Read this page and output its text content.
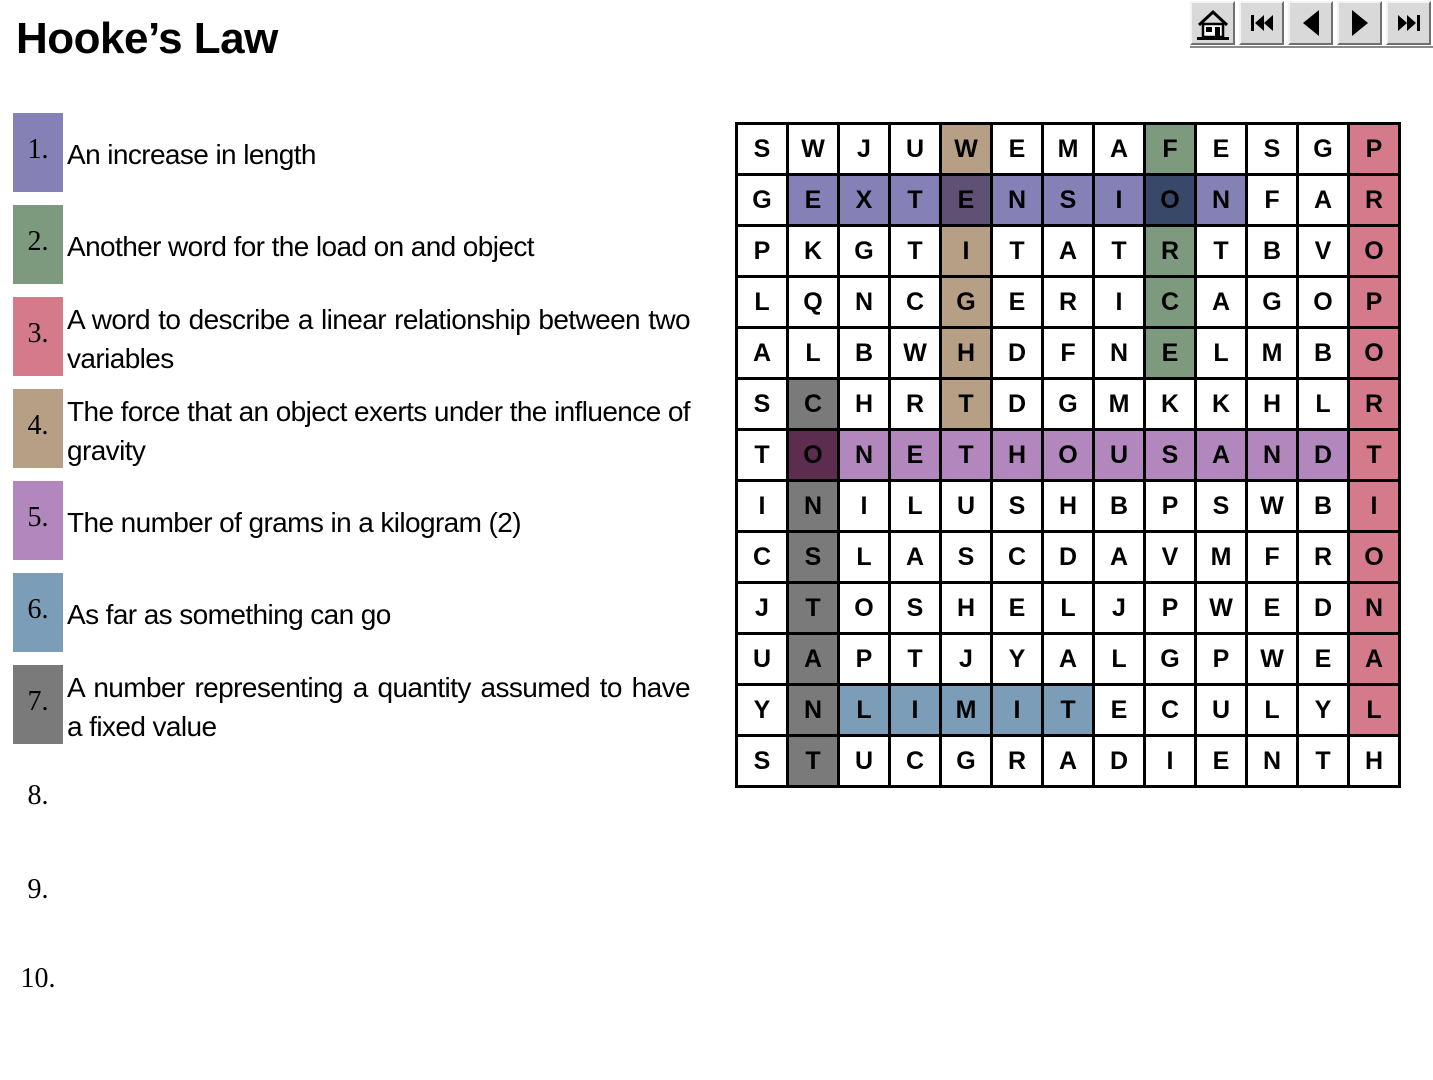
Hooke’s Law
1. An increase in length
2. Another word for the load on and object
3. A word to describe a linear relationship between two variables
4. The force that an object exerts under the influence of gravity
5. The number of grams in a kilogram (2)
6. As far as something can go
7. A number representing a quantity assumed to have a fixed value
8.
9.
10.
S	W	J	U	W	E	M	A	F	E	S	G	P
G	E	X	T	E	N	S	I	O	N	F	A	R
P	K	G	T	I	T	A	T	R	T	B	V	O
L	Q	N	C	G	E	R	I	C	A	G	O	P
A	L	B	W	H	D	F	N	E	L	M	B	O
S	C	H	R	T	D	G	M	K	K	H	L	R
T	O	N	E	T	H	O	U	S	A	N	D	T
I	N	I	L	U	S	H	B	P	S	W	B	I
C	S	L	A	S	C	D	A	V	M	F	R	O
J	T	O	S	H	E	L	J	P	W	E	D	N
U	A	P	T	J	Y	A	L	G	P	W	E	A
Y	N	L	I	M	I	T	E	C	U	L	Y	L
S	T	U	C	G	R	A	D	I	E	N	T	H
